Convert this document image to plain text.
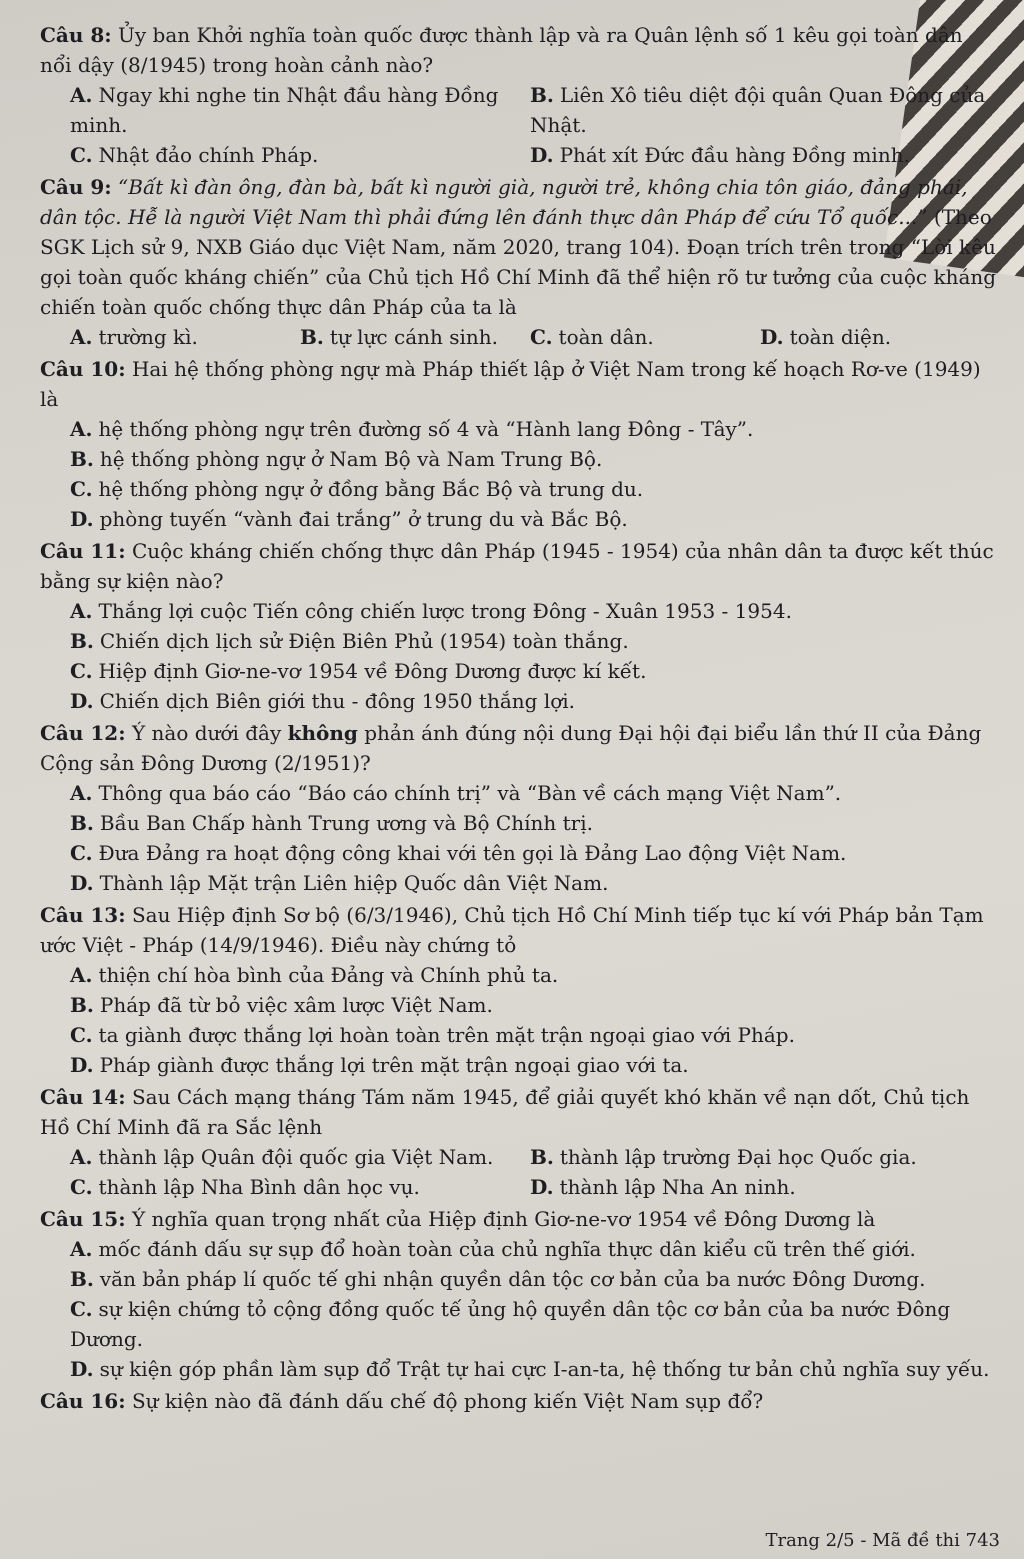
Câu 8: Ủy ban Khởi nghĩa toàn quốc được thành lập và ra Quân lệnh số 1 kêu gọi toàn dân nổi dậy (8/1945) trong hoàn cảnh nào?
A. Ngay khi nghe tin Nhật đầu hàng Đồng minh.
B. Liên Xô tiêu diệt đội quân Quan Đông của Nhật.
C. Nhật đảo chính Pháp.	D. Phát xít Đức đầu hàng Đồng minh.
Câu 9: “Bất kì đàn ông, đàn bà, bất kì người già, người trẻ, không chia tôn giáo, đảng phái, dân tộc. Hễ là người Việt Nam thì phải đứng lên đánh thực dân Pháp để cứu Tổ quốc...” (Theo SGK Lịch sử 9, NXB Giáo dục Việt Nam, năm 2020, trang 104). Đoạn trích trên trong “Lời kêu gọi toàn quốc kháng chiến” của Chủ tịch Hồ Chí Minh đã thể hiện rõ tư tưởng của cuộc kháng chiến toàn quốc chống thực dân Pháp của ta là
A. trường kì.	B. tự lực cánh sinh.	C. toàn dân.	D. toàn diện.
Câu 10: Hai hệ thống phòng ngự mà Pháp thiết lập ở Việt Nam trong kế hoạch Rơ-ve (1949) là
A. hệ thống phòng ngự trên đường số 4 và “Hành lang Đông - Tây”.
B. hệ thống phòng ngự ở Nam Bộ và Nam Trung Bộ.
C. hệ thống phòng ngự ở đồng bằng Bắc Bộ và trung du.
D. phòng tuyến “vành đai trắng” ở trung du và Bắc Bộ.
Câu 11: Cuộc kháng chiến chống thực dân Pháp (1945 - 1954) của nhân dân ta được kết thúc bằng sự kiện nào?
A. Thắng lợi cuộc Tiến công chiến lược trong Đông - Xuân 1953 - 1954.
B. Chiến dịch lịch sử Điện Biên Phủ (1954) toàn thắng.
C. Hiệp định Giơ-ne-vơ 1954 về Đông Dương được kí kết.
D. Chiến dịch Biên giới thu - đông 1950 thắng lợi.
Câu 12: Ý nào dưới đây không phản ánh đúng nội dung Đại hội đại biểu lần thứ II của Đảng Cộng sản Đông Dương (2/1951)?
A. Thông qua báo cáo “Báo cáo chính trị” và “Bàn về cách mạng Việt Nam”.
B. Bầu Ban Chấp hành Trung ương và Bộ Chính trị.
C. Đưa Đảng ra hoạt động công khai với tên gọi là Đảng Lao động Việt Nam.
D. Thành lập Mặt trận Liên hiệp Quốc dân Việt Nam.
Câu 13: Sau Hiệp định Sơ bộ (6/3/1946), Chủ tịch Hồ Chí Minh tiếp tục kí với Pháp bản Tạm ước Việt - Pháp (14/9/1946). Điều này chứng tỏ
A. thiện chí hòa bình của Đảng và Chính phủ ta.
B. Pháp đã từ bỏ việc xâm lược Việt Nam.
C. ta giành được thắng lợi hoàn toàn trên mặt trận ngoại giao với Pháp.
D. Pháp giành được thắng lợi trên mặt trận ngoại giao với ta.
Câu 14: Sau Cách mạng tháng Tám năm 1945, để giải quyết khó khăn về nạn dốt, Chủ tịch Hồ Chí Minh đã ra Sắc lệnh
A. thành lập Quân đội quốc gia Việt Nam.	B. thành lập trường Đại học Quốc gia.
C. thành lập Nha Bình dân học vụ.	D. thành lập Nha An ninh.
Câu 15: Ý nghĩa quan trọng nhất của Hiệp định Giơ-ne-vơ 1954 về Đông Dương là
A. mốc đánh dấu sự sụp đổ hoàn toàn của chủ nghĩa thực dân kiểu cũ trên thế giới.
B. văn bản pháp lí quốc tế ghi nhận quyền dân tộc cơ bản của ba nước Đông Dương.
C. sự kiện chứng tỏ cộng đồng quốc tế ủng hộ quyền dân tộc cơ bản của ba nước Đông Dương.
D. sự kiện góp phần làm sụp đổ Trật tự hai cực I-an-ta, hệ thống tư bản chủ nghĩa suy yếu.
Câu 16: Sự kiện nào đã đánh dấu chế độ phong kiến Việt Nam sụp đổ?
Trang 2/5 - Mã đề thi 743
